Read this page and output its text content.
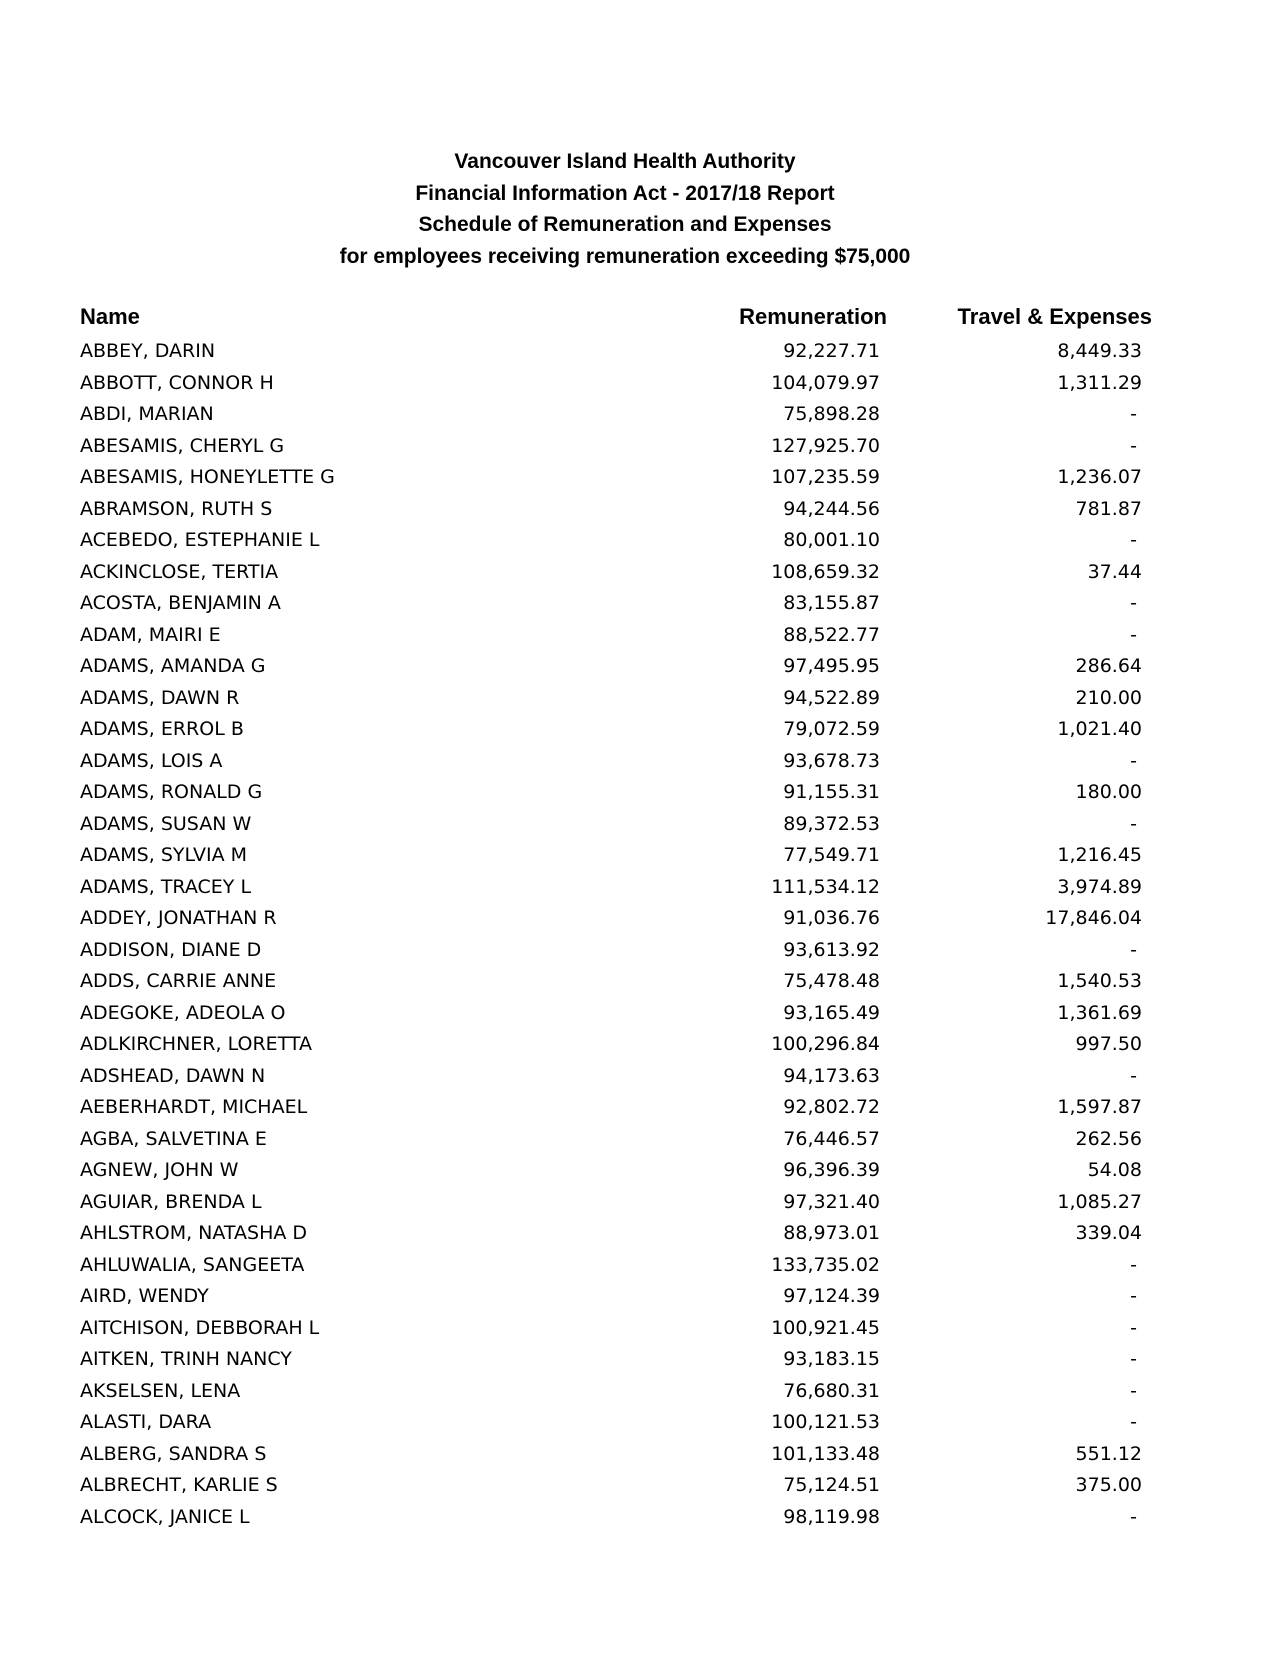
Vancouver Island Health Authority
Financial Information Act - 2017/18 Report
Schedule of Remuneration and Expenses
for employees receiving remuneration exceeding $75,000
Name	Remuneration	Travel & Expenses
ABBEY, DARIN	92,227.71	8,449.33
ABBOTT, CONNOR H	104,079.97	1,311.29
ABDI, MARIAN	75,898.28	-
ABESAMIS, CHERYL G	127,925.70	-
ABESAMIS, HONEYLETTE G	107,235.59	1,236.07
ABRAMSON, RUTH S	94,244.56	781.87
ACEBEDO, ESTEPHANIE L	80,001.10	-
ACKINCLOSE, TERTIA	108,659.32	37.44
ACOSTA, BENJAMIN A	83,155.87	-
ADAM, MAIRI E	88,522.77	-
ADAMS, AMANDA G	97,495.95	286.64
ADAMS, DAWN R	94,522.89	210.00
ADAMS, ERROL B	79,072.59	1,021.40
ADAMS, LOIS A	93,678.73	-
ADAMS, RONALD G	91,155.31	180.00
ADAMS, SUSAN W	89,372.53	-
ADAMS, SYLVIA M	77,549.71	1,216.45
ADAMS, TRACEY L	111,534.12	3,974.89
ADDEY, JONATHAN R	91,036.76	17,846.04
ADDISON, DIANE D	93,613.92	-
ADDS, CARRIE ANNE	75,478.48	1,540.53
ADEGOKE, ADEOLA O	93,165.49	1,361.69
ADLKIRCHNER, LORETTA	100,296.84	997.50
ADSHEAD, DAWN N	94,173.63	-
AEBERHARDT, MICHAEL	92,802.72	1,597.87
AGBA, SALVETINA E	76,446.57	262.56
AGNEW, JOHN W	96,396.39	54.08
AGUIAR, BRENDA L	97,321.40	1,085.27
AHLSTROM, NATASHA D	88,973.01	339.04
AHLUWALIA, SANGEETA	133,735.02	-
AIRD, WENDY	97,124.39	-
AITCHISON, DEBBORAH L	100,921.45	-
AITKEN, TRINH NANCY	93,183.15	-
AKSELSEN, LENA	76,680.31	-
ALASTI, DARA	100,121.53	-
ALBERG, SANDRA S	101,133.48	551.12
ALBRECHT, KARLIE S	75,124.51	375.00
ALCOCK, JANICE L	98,119.98	-
